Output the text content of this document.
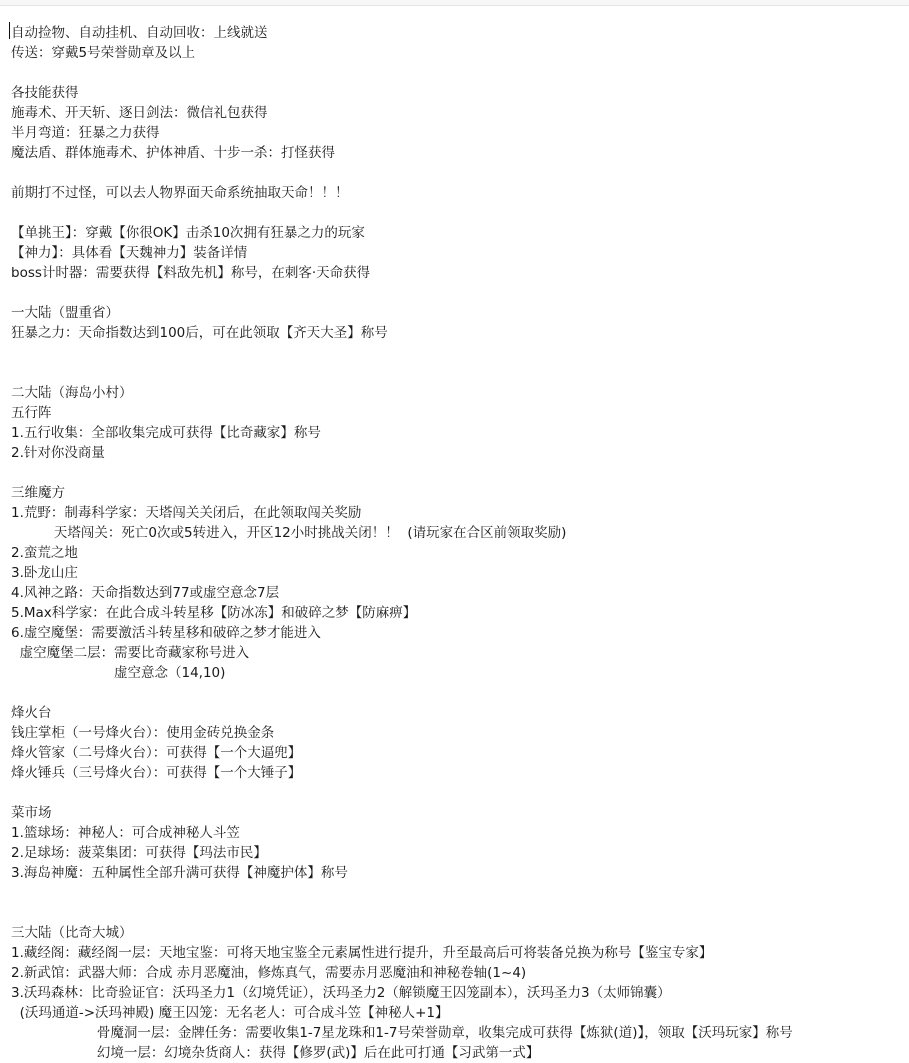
自动捡物、自动挂机、自动回收：上线就送
传送：穿戴5号荣誉勋章及以上
各技能获得
施毒术、开天斩、逐日剑法：微信礼包获得
半月弯道：狂暴之力获得
魔法盾、群体施毒术、护体神盾、十步一杀：打怪获得
前期打不过怪，可以去人物界面天命系统抽取天命！！！
【单挑王】：穿戴【你很OK】击杀10次拥有狂暴之力的玩家
【神力】：具体看【天魏神力】装备详情
boss计时器：需要获得【料敌先机】称号，在刺客·天命获得
一大陆（盟重省）
狂暴之力：天命指数达到100后，可在此领取【齐天大圣】称号
二大陆（海岛小村）
五行阵
1.五行收集：全部收集完成可获得【比奇藏家】称号
2.针对你没商量
三维魔方
1.荒野：制毒科学家：天塔闯关关闭后，在此领取闯关奖励
天塔闯关：死亡0次或5转进入，开区12小时挑战关闭！！  (请玩家在合区前领取奖励)
2.蛮荒之地
3.卧龙山庄
4.风神之路：天命指数达到77或虚空意念7层
5.Max科学家：在此合成斗转星移【防冰冻】和破碎之梦【防麻痹】
6.虚空魔堡：需要激活斗转星移和破碎之梦才能进入
虚空魔堡二层：需要比奇藏家称号进入
虚空意念（14,10)
烽火台
钱庄掌柜（一号烽火台）：使用金砖兑换金条
烽火管家（二号烽火台）：可获得【一个大逼兜】
烽火锤兵（三号烽火台）：可获得【一个大锤子】
菜市场
1.篮球场：神秘人：可合成神秘人斗笠
2.足球场：菠菜集团：可获得【玛法市民】
3.海岛神魔：五种属性全部升满可获得【神魔护体】称号
三大陆（比奇大城）
1.藏经阁：藏经阁一层：天地宝鉴：可将天地宝鉴全元素属性进行提升，升至最高后可将装备兑换为称号【鉴宝专家】
2.新武馆：武器大师：合成 赤月恶魔油，修炼真气，需要赤月恶魔油和神秘卷轴(1~4)
3.沃玛森林：比奇验证官：沃玛圣力1（幻境凭证），沃玛圣力2（解锁魔王囚笼副本），沃玛圣力3（太师锦囊）
(沃玛通道->沃玛神殿) 魔王囚笼：无名老人：可合成斗笠【神秘人+1】
骨魔洞一层：金牌任务：需要收集1-7星龙珠和1-7号荣誉勋章，收集完成可获得【炼狱(道)】，领取【沃玛玩家】称号
幻境一层：幻境杂货商人：获得【修罗(武)】后在此可打通【习武第一式】
